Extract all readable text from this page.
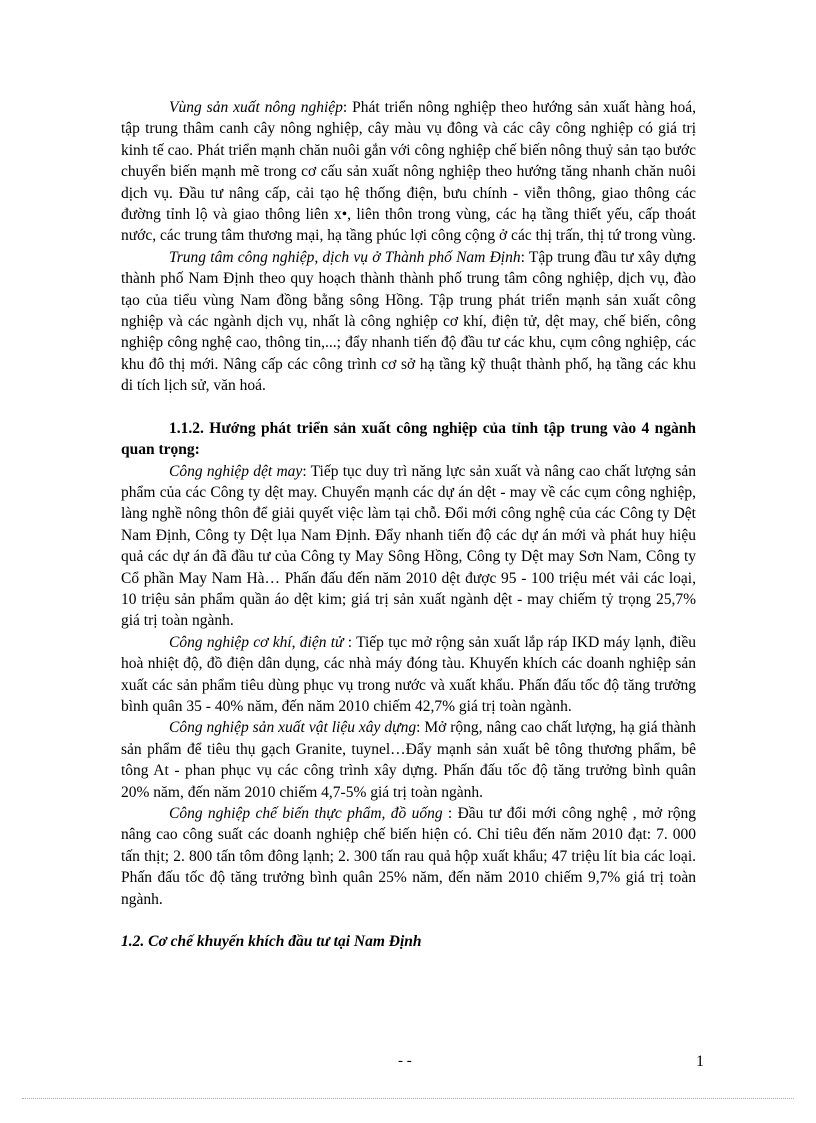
Vùng sản xuất nông nghiệp: Phát triển nông nghiệp theo hướng sản xuất hàng hoá, tập trung thâm canh cây nông nghiệp, cây màu vụ đông và các cây công nghiệp có giá trị kinh tế cao. Phát triển mạnh chăn nuôi gắn với công nghiệp chế biến nông thuỷ sản tạo bước chuyển biến mạnh mẽ trong cơ cấu sản xuất nông nghiệp theo hướng tăng nhanh chăn nuôi dịch vụ. Đầu tư nâng cấp, cải tạo hệ thống điện, bưu chính - viễn thông, giao thông các đường tỉnh lộ và giao thông liên x•, liên thôn trong vùng, các hạ tầng thiết yếu, cấp thoát nước, các trung tâm thương mại, hạ tầng phúc lợi công cộng ở các thị trấn, thị tứ trong vùng.

Trung tâm công nghiệp, dịch vụ ở Thành phố Nam Định: Tập trung đầu tư xây dựng thành phố Nam Định theo quy hoạch thành thành phố trung tâm công nghiệp, dịch vụ, đào tạo của tiểu vùng Nam đồng bằng sông Hồng. Tập trung phát triển mạnh sản xuất công nghiệp và các ngành dịch vụ, nhất là công nghiệp cơ khí, điện tử, dệt may, chế biến, công nghiệp công nghệ cao, thông tin,...; đẩy nhanh tiến độ đầu tư các khu, cụm công nghiệp, các khu đô thị mới. Nâng cấp các công trình cơ sở hạ tầng kỹ thuật thành phố, hạ tầng các khu di tích lịch sử, văn hoá.

1.1.2. Hướng phát triển sản xuất công nghiệp của tỉnh tập trung vào 4 ngành quan trọng:

Công nghiệp dệt may: Tiếp tục duy trì năng lực sản xuất và nâng cao chất lượng sản phẩm của các Công ty dệt may. Chuyển mạnh các dự án dệt - may về các cụm công nghiệp, làng nghề nông thôn để giải quyết việc làm tại chỗ. Đổi mới công nghệ của các Công ty Dệt Nam Định, Công ty Dệt lụa Nam Định. Đẩy nhanh tiến độ các dự án mới và phát huy hiệu quả các dự án đã đầu tư của Công ty May Sông Hồng, Công ty Dệt may Sơn Nam, Công ty Cổ phần May Nam Hà… Phấn đấu đến năm 2010 dệt được 95 - 100 triệu mét vải các loại, 10 triệu sản phẩm quần áo dệt kim; giá trị sản xuất ngành dệt - may chiếm tỷ trọng 25,7% giá trị toàn ngành.

Công nghiệp cơ khí, điện tử : Tiếp tục mở rộng sản xuất lắp ráp IKD máy lạnh, điều hoà nhiệt độ, đồ điện dân dụng, các nhà máy đóng tàu. Khuyến khích các doanh nghiệp sản xuất các sản phẩm tiêu dùng phục vụ trong nước và xuất khẩu. Phấn đấu tốc độ tăng trưởng bình quân 35 - 40% năm, đến năm 2010 chiếm 42,7% giá trị toàn ngành.

Công nghiệp sản xuất vật liệu xây dựng: Mở rộng, nâng cao chất lượng, hạ giá thành sản phẩm để tiêu thụ gạch Granite, tuynel…Đẩy mạnh sản xuất bê tông thương phẩm, bê tông At - phan phục vụ các công trình xây dựng. Phấn đấu tốc độ tăng trưởng bình quân 20% năm, đến năm 2010 chiếm 4,7-5% giá trị toàn ngành.

Công nghiệp chế biến thực phẩm, đồ uống : Đầu tư đổi mới công nghệ , mở rộng nâng cao công suất các doanh nghiệp chế biến hiện có. Chỉ tiêu đến năm 2010 đạt: 7. 000 tấn thịt; 2. 800 tấn tôm đông lạnh; 2. 300 tấn rau quả hộp xuất khẩu; 47 triệu lít bia các loại. Phấn đấu tốc độ tăng trưởng bình quân 25% năm, đến năm 2010 chiếm 9,7% giá trị toàn ngành.

1.2. Cơ chế khuyến khích đầu tư tại Nam Định

- -	1
